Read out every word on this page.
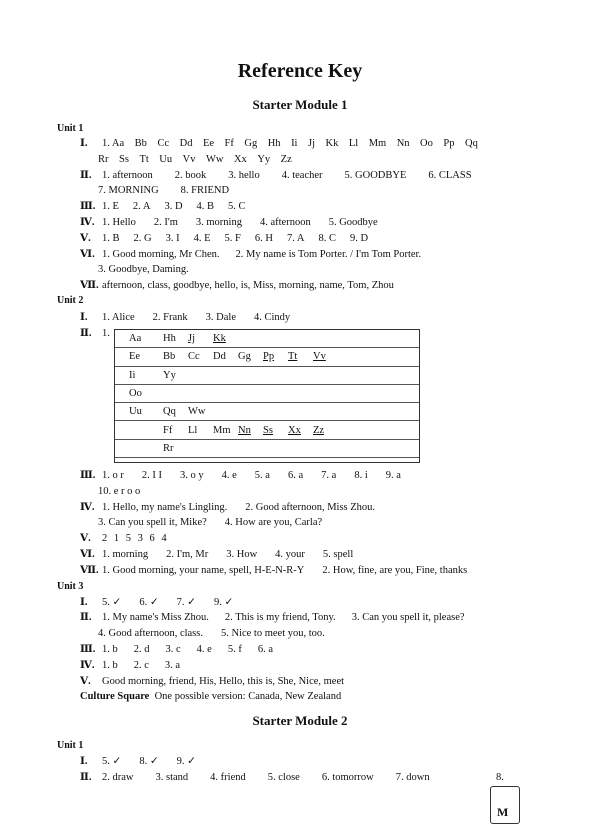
Reference Key
Starter Module 1
Unit 1
Ⅰ. 1. Aa Bb Cc Dd Ee Ff Gg Hh Ii Jj Kk Ll Mm Nn Oo Pp Qq
Rr Ss Tt Uu Vv Ww Xx Yy Zz
Ⅱ. 1. afternoon 2. book 3. hello 4. teacher 5. GOODBYE 6. CLASS
7. MORNING 8. FRIEND
Ⅲ. 1. E 2. A 3. D 4. B 5. C
Ⅳ. 1. Hello 2. I'm 3. morning 4. afternoon 5. Goodbye
Ⅴ. 1. B 2. G 3. I 4. E 5. F 6. H 7. A 8. C 9. D
Ⅵ. 1. Good morning, Mr Chen. 2. My name is Tom Porter. / I'm Tom Porter.
3. Goodbye, Daming.
Ⅶ. afternoon, class, goodbye, hello, is, Miss, morning, name, Tom, Zhou
Unit 2
Ⅰ. 1. Alice 2. Frank 3. Dale 4. Cindy
Ⅱ. 1. Aa Hh Jj Kk
Ee Bb Cc Dd Gg Pp Tt Vv
Ii	Yy
Oo
Uu Qq Ww
Ff Ll Mm Nn Ss Xx Zz
Rr
Ⅲ. 1. o r 2. I I 3. o y 4. e 5. a 6. a 7. a 8. i 9. a
10. e r o o
Ⅳ. 1. Hello, my name's Lingling. 2. Good afternoon, Miss Zhou.
3. Can you spell it, Mike? 4. How are you, Carla?
Ⅴ. 2 1 5 3 6 4
Ⅵ. 1. morning 2. I'm, Mr 3. How 4. your 5. spell
Ⅶ. 1. Good morning, your name, spell, H-E-N-R-Y 2. How, fine, are you, Fine, thanks
Unit 3
Ⅰ. 5. ✓ 6. ✓ 7. ✓ 9. ✓
Ⅱ. 1. My name's Miss Zhou. 2. This is my friend, Tony. 3. Can you spell it, please?
4. Good afternoon, class. 5. Nice to meet you, too.
Ⅲ. 1. b 2. d 3. c 4. e 5. f 6. a
Ⅳ. 1. b 2. c 3. a
Ⅴ. Good morning, friend, His, Hello, this is, She, Nice, meet
Culture Square One possible version: Canada, New Zealand
Starter Module 2
Unit 1
Ⅰ. 5. ✓ 8. ✓ 9. ✓
Ⅱ. 2. draw 3. stand 4. friend 5. close 6. tomorrow 7. down	8.
M
